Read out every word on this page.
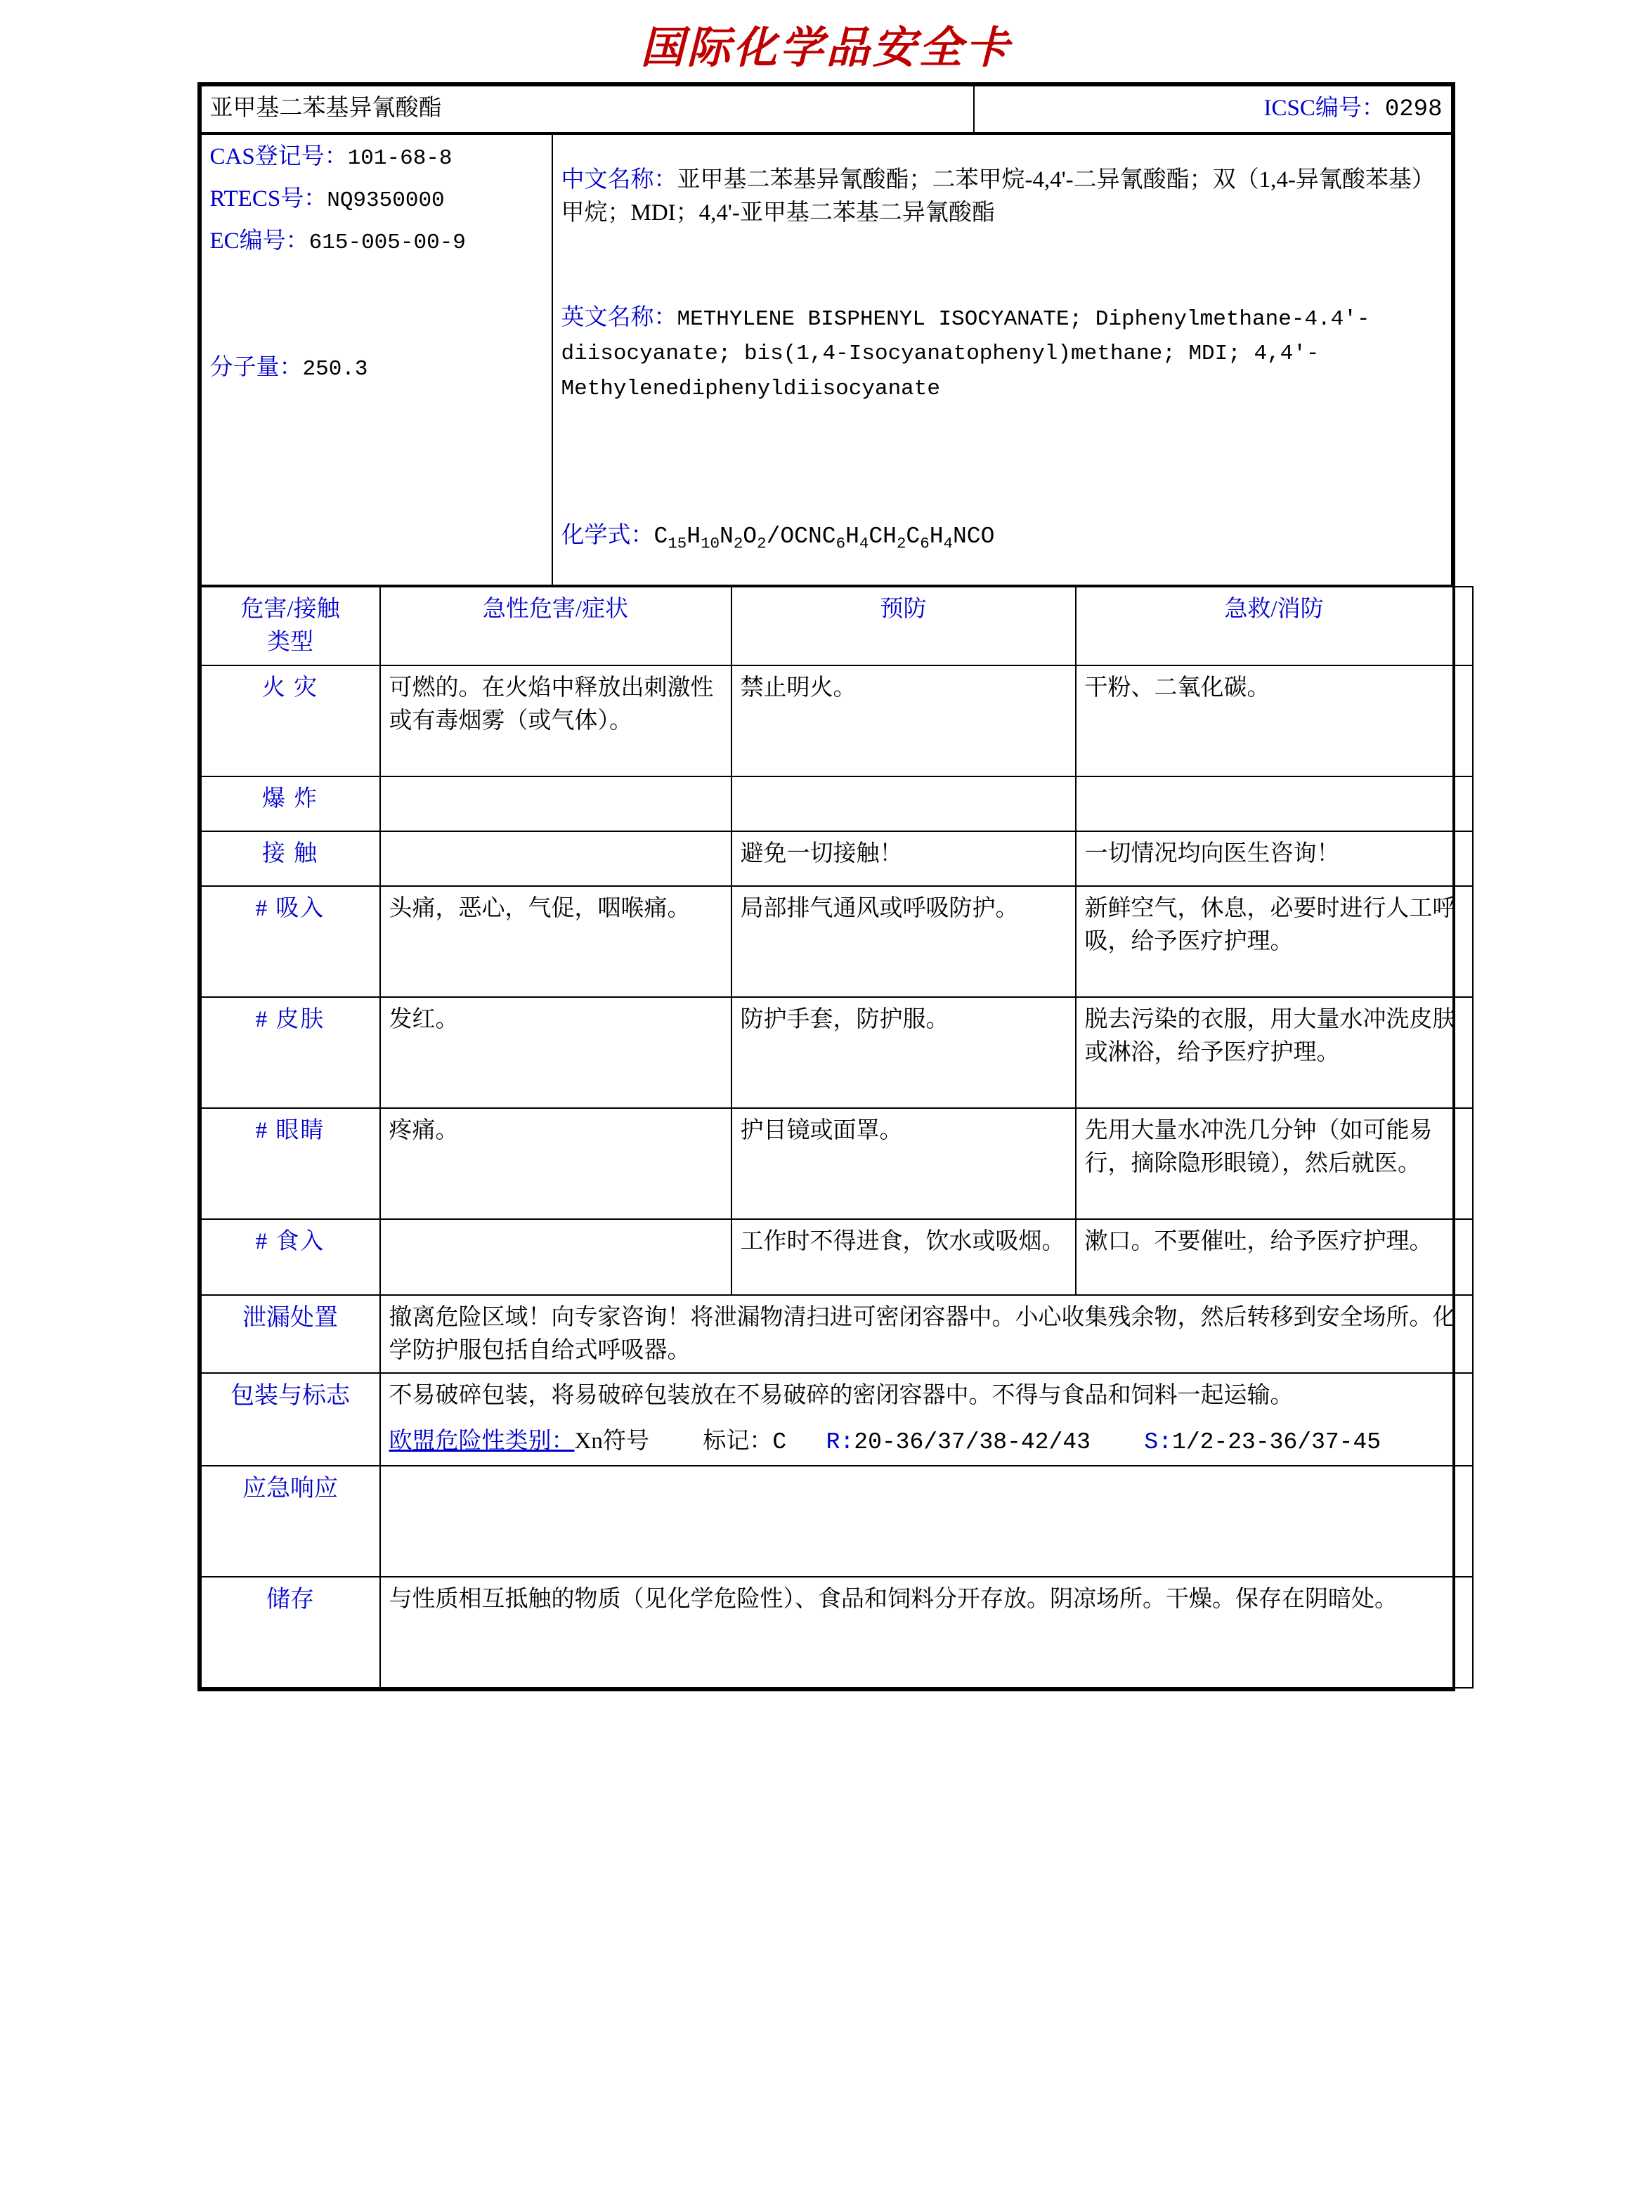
国际化学品安全卡
亚甲基二苯基异氰酸酯	ICSC编号：0298

CAS登记号：101-68-8

RTECS号：NQ9350000

EC编号：615-005-00-9

分子量：250.3

中文名称：亚甲基二苯基异氰酸酯；二苯甲烷-4,4'-二异氰酸酯；双（1,4-异氰酸苯基）甲烷；MDI；4,4'-亚甲基二苯基二异氰酸酯

英文名称：METHYLENE BISPHENYL ISOCYANATE; Diphenylmethane-4.4'-diisocyanate; bis(1,4-Isocyanatophenyl)methane; MDI; 4,4'-Methylenediphenyldiisocyanate

化学式：$C_{15}H_{10}N_2O_2/OCNC_6H_4CH_2C_6H_4NCO$

危害/接触
类型	急性危害/症状	预防	急救/消防
火 灾	可燃的。在火焰中释放出刺激性或有毒烟雾（或气体）。	禁止明火。	干粉、二氧化碳。
爆 炸			
接 触		避免一切接触！	一切情况均向医生咨询！
# 吸入	头痛，恶心，气促，咽喉痛。	局部排气通风或呼吸防护。	新鲜空气，休息，必要时进行人工呼吸，给予医疗护理。
# 皮肤	发红。	防护手套，防护服。	脱去污染的衣服，用大量水冲洗皮肤或淋浴，给予医疗护理。
# 眼睛	疼痛。	护目镜或面罩。	先用大量水冲洗几分钟（如可能易行，摘除隐形眼镜），然后就医。
# 食入		工作时不得进食，饮水或吸烟。	漱口。不要催吐，给予医疗护理。
泄漏处置	撤离危险区域！向专家咨询！将泄漏物清扫进可密闭容器中。小心收集残余物，然后转移到安全场所。化学防护服包括自给式呼吸器。		
包装与标志	不易破碎包装，将易破碎包装放在不易破碎的密闭容器中。不得与食品和饲料一起运输。
欧盟危险性类别：Xn符号 标记：C R:20-36/37/38-42/43 S:1/2-23-36/37-45		

应急响应			
储存	与性质相互抵触的物质（见化学危险性）、食品和饲料分开存放。阴凉场所。干燥。保存在阴暗处。		
